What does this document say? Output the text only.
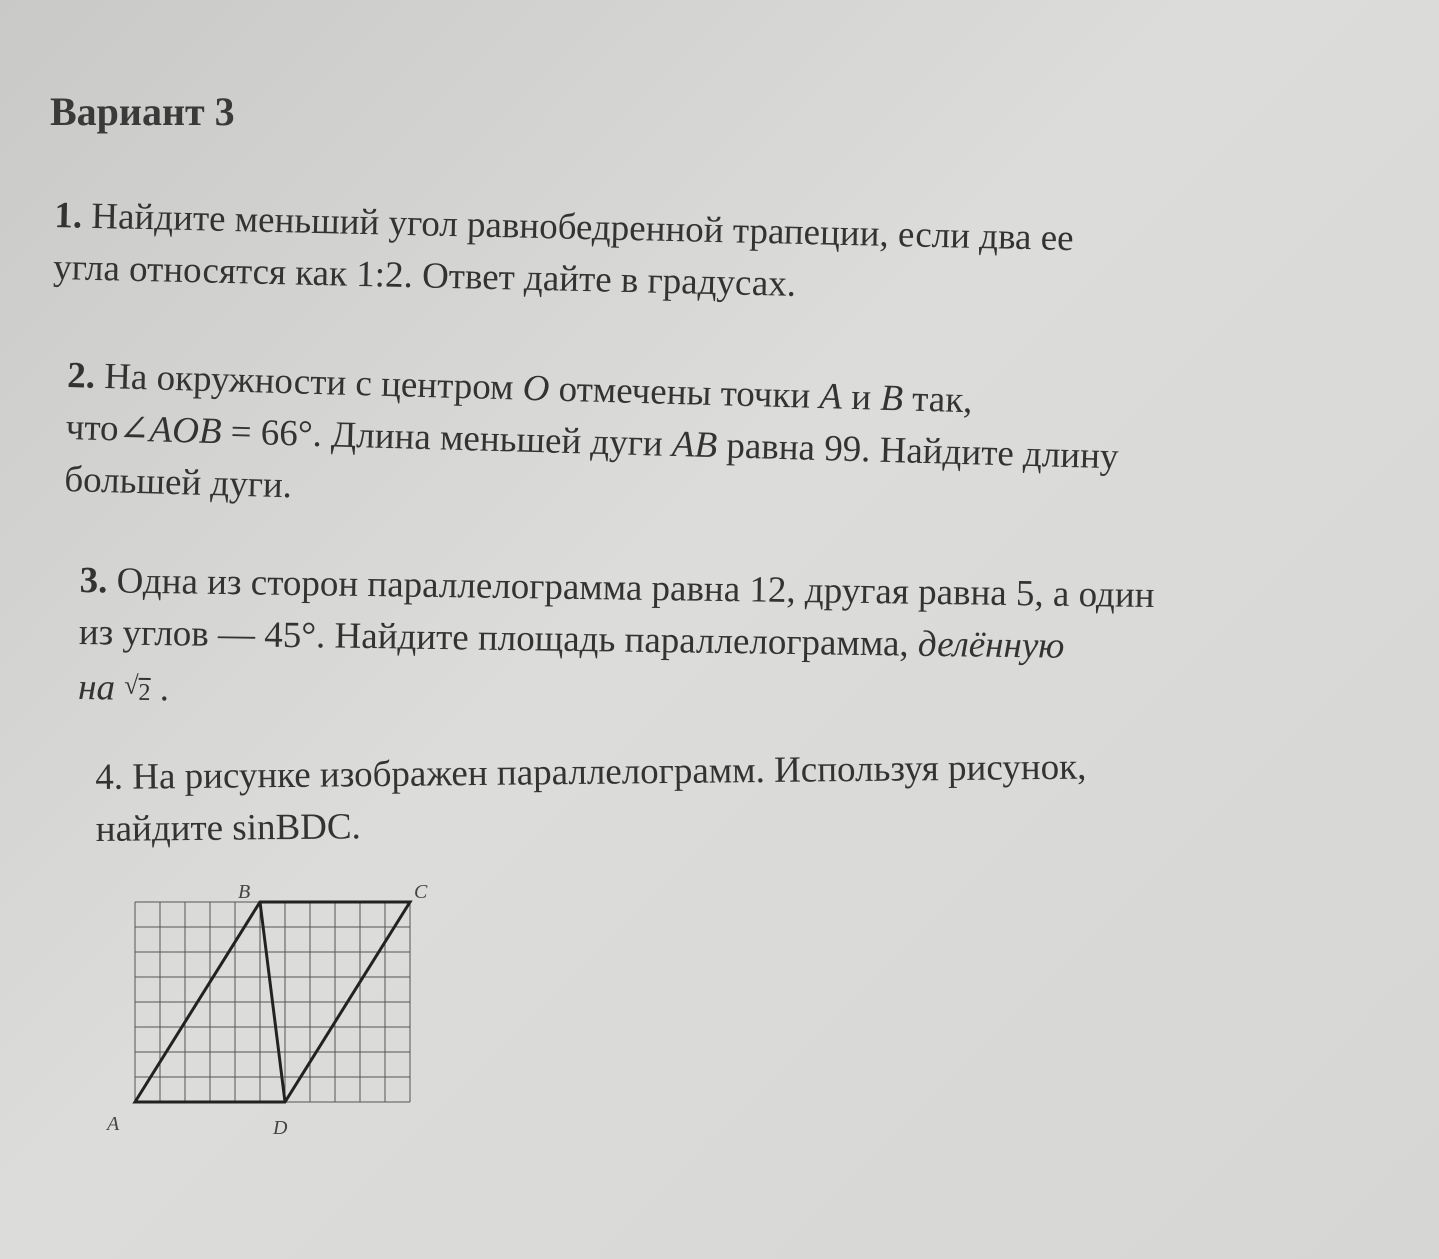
Вариант 3
1. Найдите меньший угол равнобедренной трапеции, если два ее
угла относятся как 1:2. Ответ дайте в градусах.
2. На окружности с центром O отмечены точки A и B так,
что∠AOB = 66°. Длина меньшей дуги AB равна 99. Найдите длину
большей дуги.
3. Одна из сторон параллелограмма равна 12, другая равна 5, а один
из углов — 45°. Найдите площадь параллелограмма, делённую
на √2 .
4. На рисунке изображен параллелограмм. Используя рисунок,
найдите sinBDC.
A
B	C
D
